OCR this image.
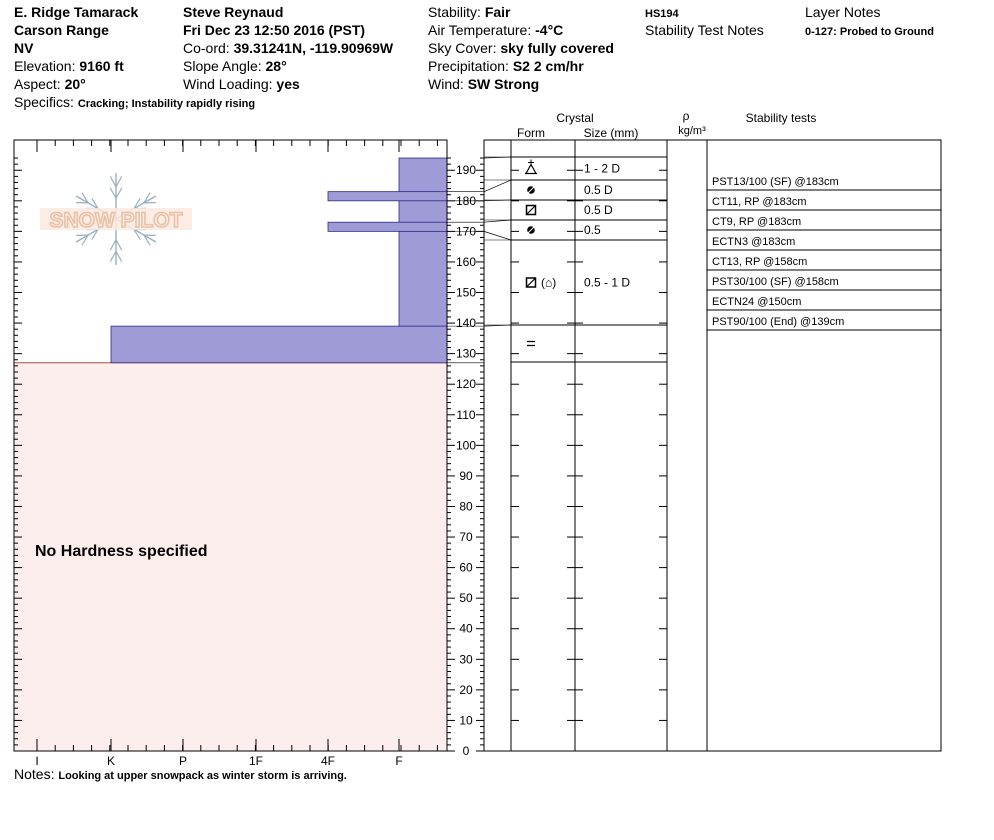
E. Ridge Tamarack
Carson Range
NV
Elevation: 9160 ft
Aspect: 20°
Specifics: Cracking; Instability rapidly rising
Steve Reynaud
Fri Dec 23 12:50 2016 (PST)
Co-ord: 39.31241N, -119.90969W
Slope Angle: 28°
Wind Loading: yes
Stability: Fair
Air Temperature: -4°C
Sky Cover: sky fully covered
Precipitation: S2 2 cm/hr
Wind: SW Strong
HS194
Stability Test Notes
Layer Notes
0-127: Probed to Ground
Notes: Looking at upper snowpack as winter storm is arriving.
SNOW PILOT
I	K	P	1F	4F	F
No Hardness specified
0
10
20
30
40
50
60
70
80
90
100
110
120
130
140
150
160
170
180
190
Crystal
Form	Size (mm)
ρ
kg/m³
Stability tests
1 - 2 D
0.5 D
0.5 D
0.5
(⌂) 0.5 - 1 D
PST13/100 (SF) @183cm
CT11, RP @183cm
CT9, RP @183cm
ECTN3 @183cm
CT13, RP @158cm
PST30/100 (SF) @158cm
ECTN24 @150cm
PST90/100 (End) @139cm
